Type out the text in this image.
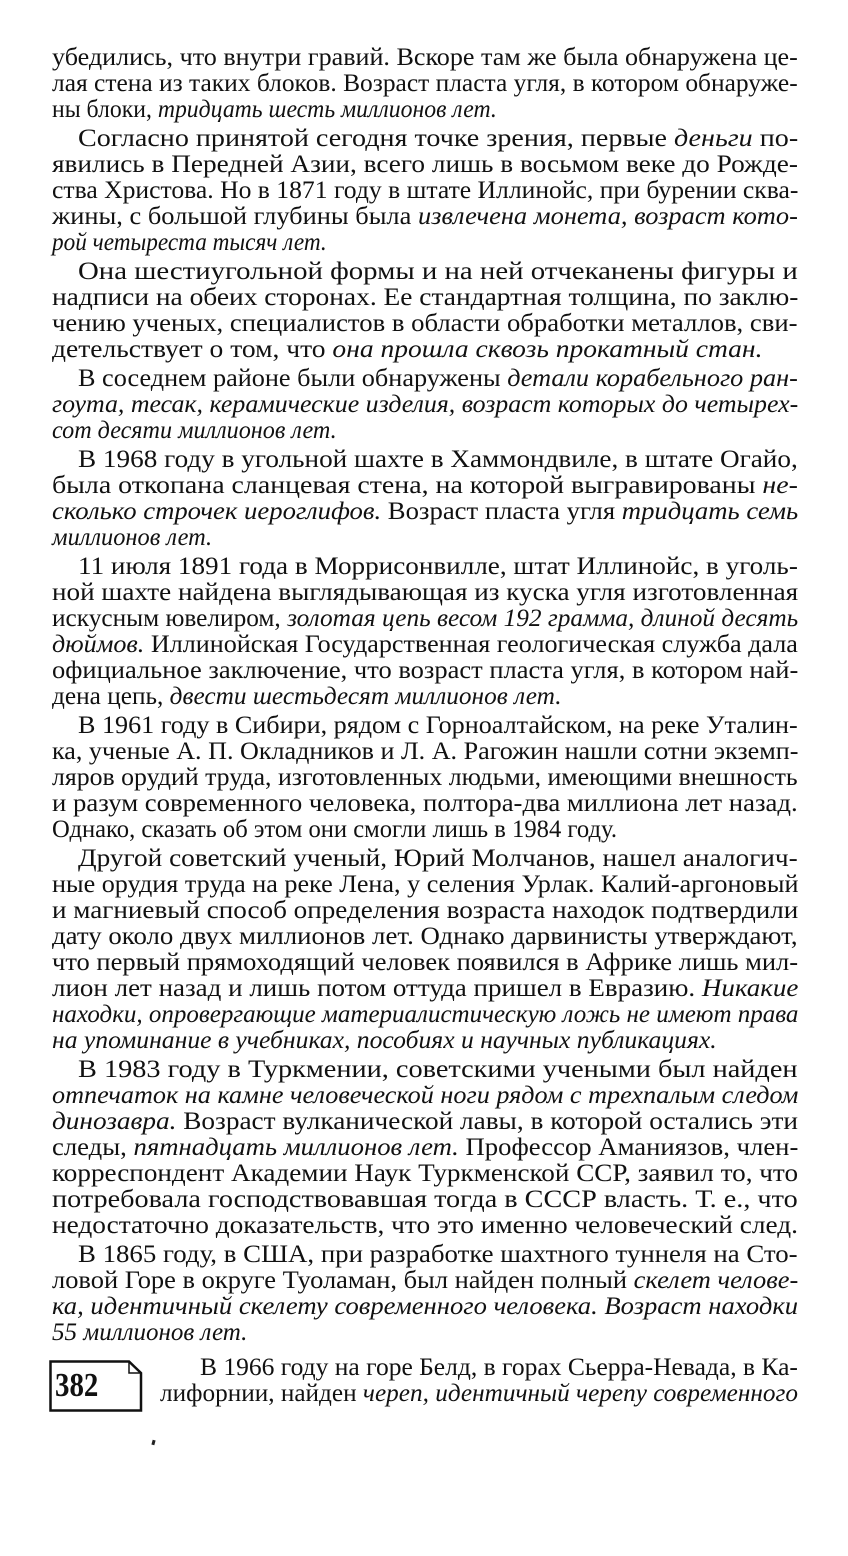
убедились, что внутри гравий. Вскоре там же была обнаружена це-
лая стена из таких блоков. Возраст пласта угля, в котором обнаруже-
ны блоки, тридцать шесть миллионов лет.
Согласно принятой сегодня точке зрения, первые деньги по-
явились в Передней Азии, всего лишь в восьмом веке до Рожде-
ства Христова. Но в 1871 году в штате Иллинойс, при бурении сква-
жины, с большой глубины была извлечена монета, возраст кото-
рой четыреста тысяч лет.
Она шестиугольной формы и на ней отчеканены фигуры и
надписи на обеих сторонах. Ее стандартная толщина, по заклю-
чению ученых, специалистов в области обработки металлов, сви-
детельствует о том, что она прошла сквозь прокатный стан.
В соседнем районе были обнаружены детали корабельного ран-
гоута, тесак, керамические изделия, возраст которых до четырех-
сот десяти миллионов лет.
В 1968 году в угольной шахте в Хаммондвиле, в штате Огайо,
была откопана сланцевая стена, на которой выгравированы не-
сколько строчек иероглифов. Возраст пласта угля тридцать семь
миллионов лет.
11 июля 1891 года в Моррисонвилле, штат Иллинойс, в уголь-
ной шахте найдена выглядывающая из куска угля изготовленная
искусным ювелиром, золотая цепь весом 192 грамма, длиной десять
дюймов. Иллинойская Государственная геологическая служба дала
официальное заключение, что возраст пласта угля, в котором най-
дена цепь, двести шестьдесят миллионов лет.
В 1961 году в Сибири, рядом с Горноалтайском, на реке Уталин-
ка, ученые А. П. Окладников и Л. А. Рагожин нашли сотни экземп-
ляров орудий труда, изготовленных людьми, имеющими внешность
и разум современного человека, полтора-два миллиона лет назад.
Однако, сказать об этом они смогли лишь в 1984 году.
Другой советский ученый, Юрий Молчанов, нашел аналогич-
ные орудия труда на реке Лена, у селения Урлак. Калий-аргоновый
и магниевый способ определения возраста находок подтвердили
дату около двух миллионов лет. Однако дарвинисты утверждают,
что первый прямоходящий человек появился в Африке лишь мил-
лион лет назад и лишь потом оттуда пришел в Евразию. Никакие
находки, опровергающие материалистическую ложь не имеют права
на упоминание в учебниках, пособиях и научных публикациях.
В 1983 году в Туркмении, советскими учеными был найден
отпечаток на камне человеческой ноги рядом с трехпалым следом
динозавра. Возраст вулканической лавы, в которой остались эти
следы, пятнадцать миллионов лет. Профессор Аманиязов, член-
корреспондент Академии Наук Туркменской ССР, заявил то, что
потребовала господствовавшая тогда в СССР власть. Т. е., что
недостаточно доказательств, что это именно человеческий след.
В 1865 году, в США, при разработке шахтного туннеля на Сто-
ловой Горе в округе Туоламан, был найден полный скелет челове-
ка, идентичный скелету современного человека. Возраст находки
55 миллионов лет.
В 1966 году на горе Белд, в горах Сьерра-Невада, в Ка-
лифорнии, найден череп, идентичный черепу современного
382
